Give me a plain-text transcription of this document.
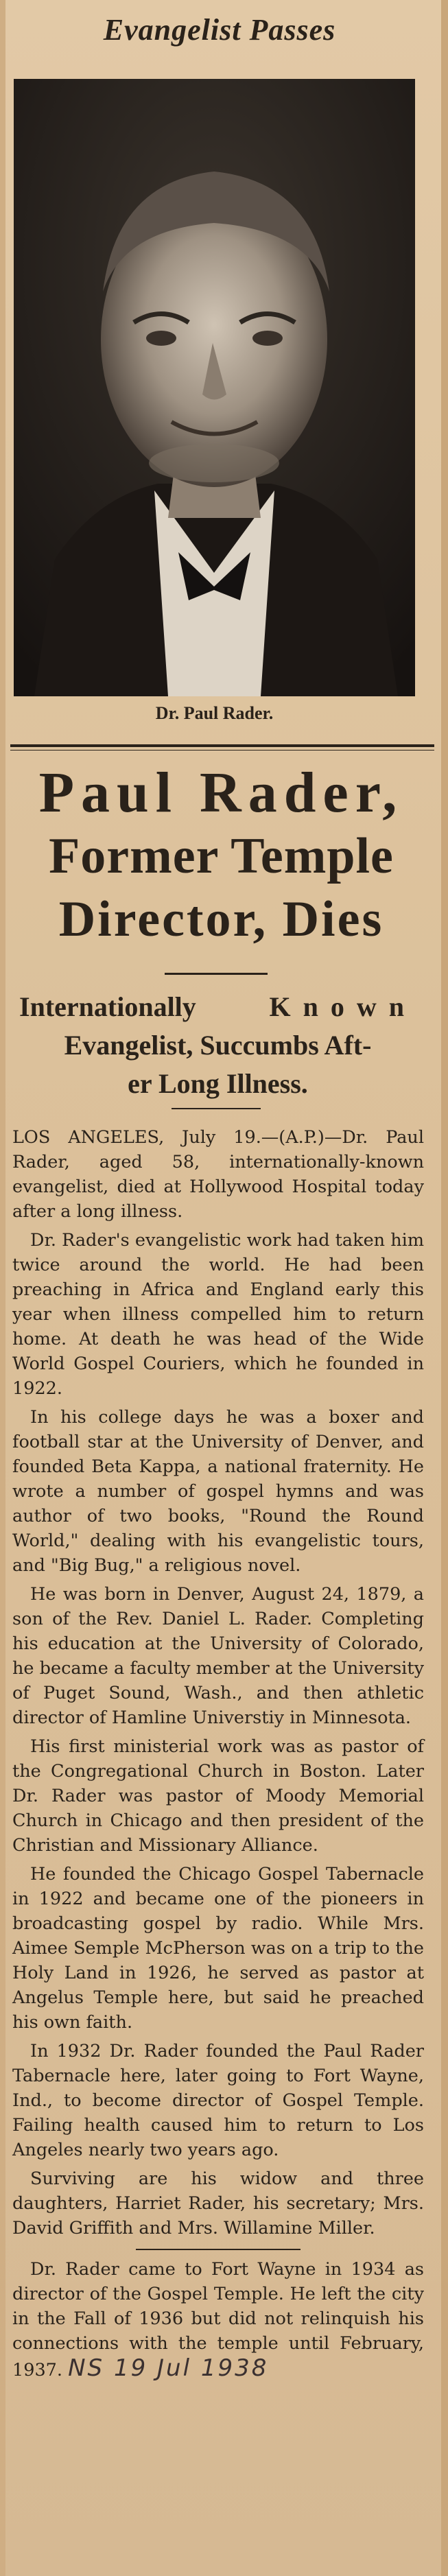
Evangelist Passes
Dr. Paul Rader.
Paul Rader,
Former Temple
Director, Dies
Internationally	Known
Evangelist, Succumbs Aft-
er Long Illness.

LOS ANGELES, July 19.—(A.P.)—Dr. Paul Rader, aged 58, internationally-known evangelist, died at Hollywood Hospital today after a long illness.

Dr. Rader's evangelistic work had taken him twice around the world. He had been preaching in Africa and England early this year when illness compelled him to return home. At death he was head of the Wide World Gospel Couriers, which he founded in 1922.

In his college days he was a boxer and football star at the University of Denver, and founded Beta Kappa, a national fraternity. He wrote a number of gospel hymns and was author of two books, "Round the Round World," dealing with his evangelistic tours, and "Big Bug," a religious novel.

He was born in Denver, August 24, 1879, a son of the Rev. Daniel L. Rader. Completing his education at the University of Colorado, he became a faculty member at the University of Puget Sound, Wash., and then athletic director of Hamline Universtiy in Minnesota.

His first ministerial work was as pastor of the Congregational Church in Boston. Later Dr. Rader was pastor of Moody Memorial Church in Chicago and then president of the Christian and Missionary Alliance.

He founded the Chicago Gospel Tabernacle in 1922 and became one of the pioneers in broadcasting gospel by radio. While Mrs. Aimee Semple McPherson was on a trip to the Holy Land in 1926, he served as pastor at Angelus Temple here, but said he preached his own faith.

In 1932 Dr. Rader founded the Paul Rader Tabernacle here, later going to Fort Wayne, Ind., to become director of Gospel Temple. Failing health caused him to return to Los Angeles nearly two years ago.

Surviving are his widow and three daughters, Harriet Rader, his secretary; Mrs. David Griffith and Mrs. Willamine Miller.

Dr. Rader came to Fort Wayne in 1934 as director of the Gospel Temple. He left the city in the Fall of 1936 but did not relinquish his connections with the temple until February, 1937. NS 19 Jul 1938
